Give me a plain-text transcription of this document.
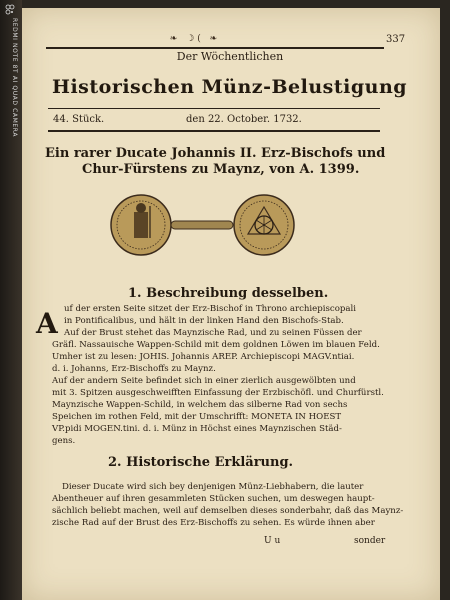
REDMI NOTE 8T AI QUAD CAMERA
❧ ☽( ❧	337
Der Wöchentlichen
Historischen Münz-Belustigung
44. Stück.	den 22. October. 1732.
Ein rarer Ducate Johannis II. Erz-Bischofs und
Chur-Fürstens zu Maynz, von A. 1399.
1. Beschreibung desselben.
A uf der ersten Seite sitzet der Erz-Bischof in Throno archiepiscopali
in Pontificalibus, und hält in der linken Hand den Bischofs-Stab.
Auf der Brust stehet das Maynzische Rad, und zu seinen Füssen der
Gräfl. Nassauische Wappen-Schild mit dem goldnen Löwen im blauen Feld.
Umher ist zu lesen: JOHIS. Johannis AREP. Archiepiscopi MAGV.ntiai.
d. i. Johanns, Erz-Bischoffs zu Maynz.
Auf der andern Seite befindet sich in einer zierlich ausgewölbten und
mit 3. Spitzen ausgeschweifften Einfassung der Erzbischöfl. und Churfürstl.
Maynzische Wappen-Schild, in welchem das silberne Rad von sechs
Speichen im rothen Feld, mit der Umschrifft: MONETA IN HOEST
VP.pidi MOGEN.tini. d. i. Münz in Höchst eines Maynzischen Städ-
gens.
2. Historische Erklärung.
Dieser Ducate wird sich bey denjenigen Münz-Liebhabern, die lauter
Abentheuer auf ihren gesammleten Stücken suchen, um deswegen haupt-
sächlich beliebt machen, weil auf demselben dieses sonderbahr, daß das Maynz-
zische Rad auf der Brust des Erz-Bischoffs zu sehen. Es würde ihnen aber
U u	sonder
